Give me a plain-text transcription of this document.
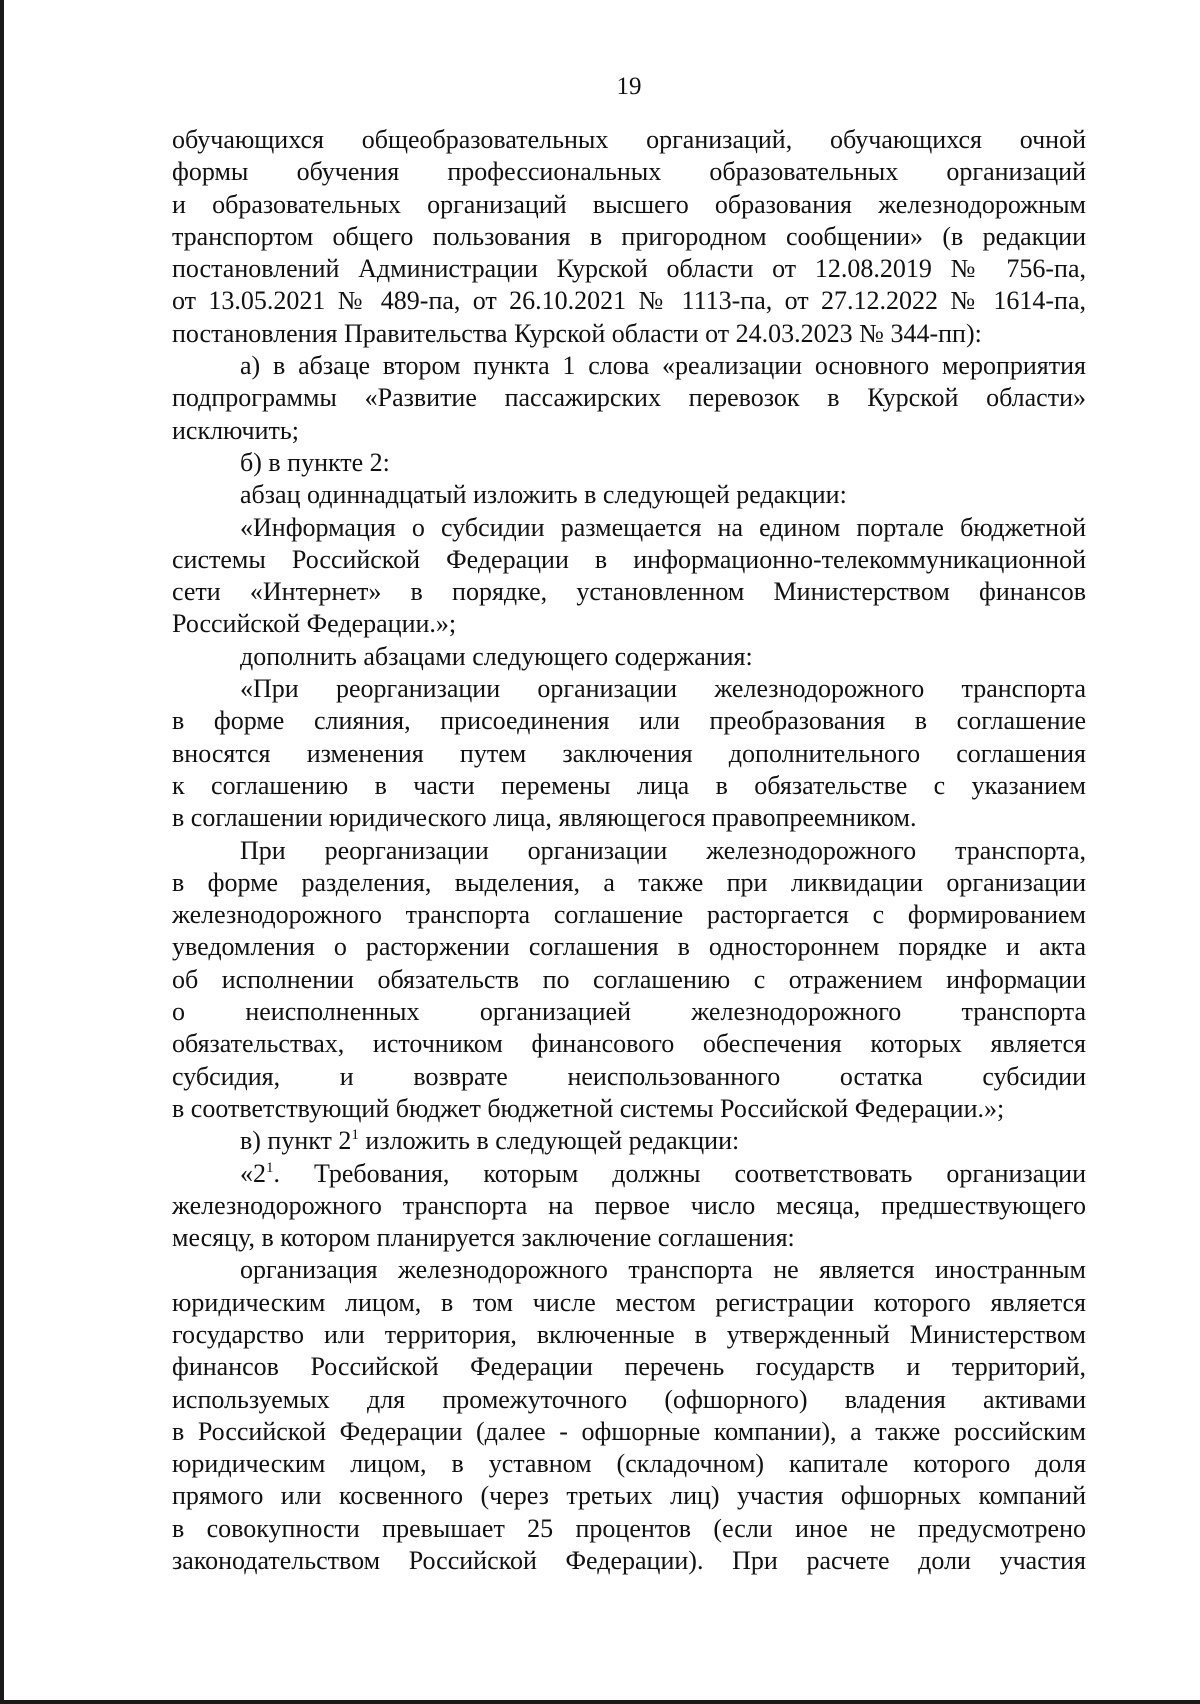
19
обучающихся общеобразовательных организаций, обучающихся очной
формы обучения профессиональных образовательных организаций
и образовательных организаций высшего образования железнодорожным
транспортом общего пользования в пригородном сообщении» (в редакции
постановлений Администрации Курской области от 12.08.2019 № 756-па,
от 13.05.2021 № 489-па, от 26.10.2021 № 1113-па, от 27.12.2022 № 1614-па,
постановления Правительства Курской области от 24.03.2023 № 344-пп):
а) в абзаце втором пункта 1 слова «реализации основного мероприятия
подпрограммы «Развитие пассажирских перевозок в Курской области»
исключить;
б) в пункте 2:
абзац одиннадцатый изложить в следующей редакции:
«Информация о субсидии размещается на едином портале бюджетной
системы Российской Федерации в информационно-телекоммуникационной
сети «Интернет» в порядке, установленном Министерством финансов
Российской Федерации.»;
дополнить абзацами следующего содержания:
«При реорганизации организации железнодорожного транспорта
в форме слияния, присоединения или преобразования в соглашение
вносятся изменения путем заключения дополнительного соглашения
к соглашению в части перемены лица в обязательстве с указанием
в соглашении юридического лица, являющегося правопреемником.
При реорганизации организации железнодорожного транспорта,
в форме разделения, выделения, а также при ликвидации организации
железнодорожного транспорта соглашение расторгается с формированием
уведомления о расторжении соглашения в одностороннем порядке и акта
об исполнении обязательств по соглашению с отражением информации
о неисполненных организацией железнодорожного транспорта
обязательствах, источником финансового обеспечения которых является
субсидия, и возврате неиспользованного остатка субсидии
в соответствующий бюджет бюджетной системы Российской Федерации.»;
в) пункт $2^1$ изложить в следующей редакции:
«$2^1$. Требования, которым должны соответствовать организации
железнодорожного транспорта на первое число месяца, предшествующего
месяцу, в котором планируется заключение соглашения:
организация железнодорожного транспорта не является иностранным
юридическим лицом, в том числе местом регистрации которого является
государство или территория, включенные в утвержденный Министерством
финансов Российской Федерации перечень государств и территорий,
используемых для промежуточного (офшорного) владения активами
в Российской Федерации (далее - офшорные компании), а также российским
юридическим лицом, в уставном (складочном) капитале которого доля
прямого или косвенного (через третьих лиц) участия офшорных компаний
в совокупности превышает 25 процентов (если иное не предусмотрено
законодательством Российской Федерации). При расчете доли участия
